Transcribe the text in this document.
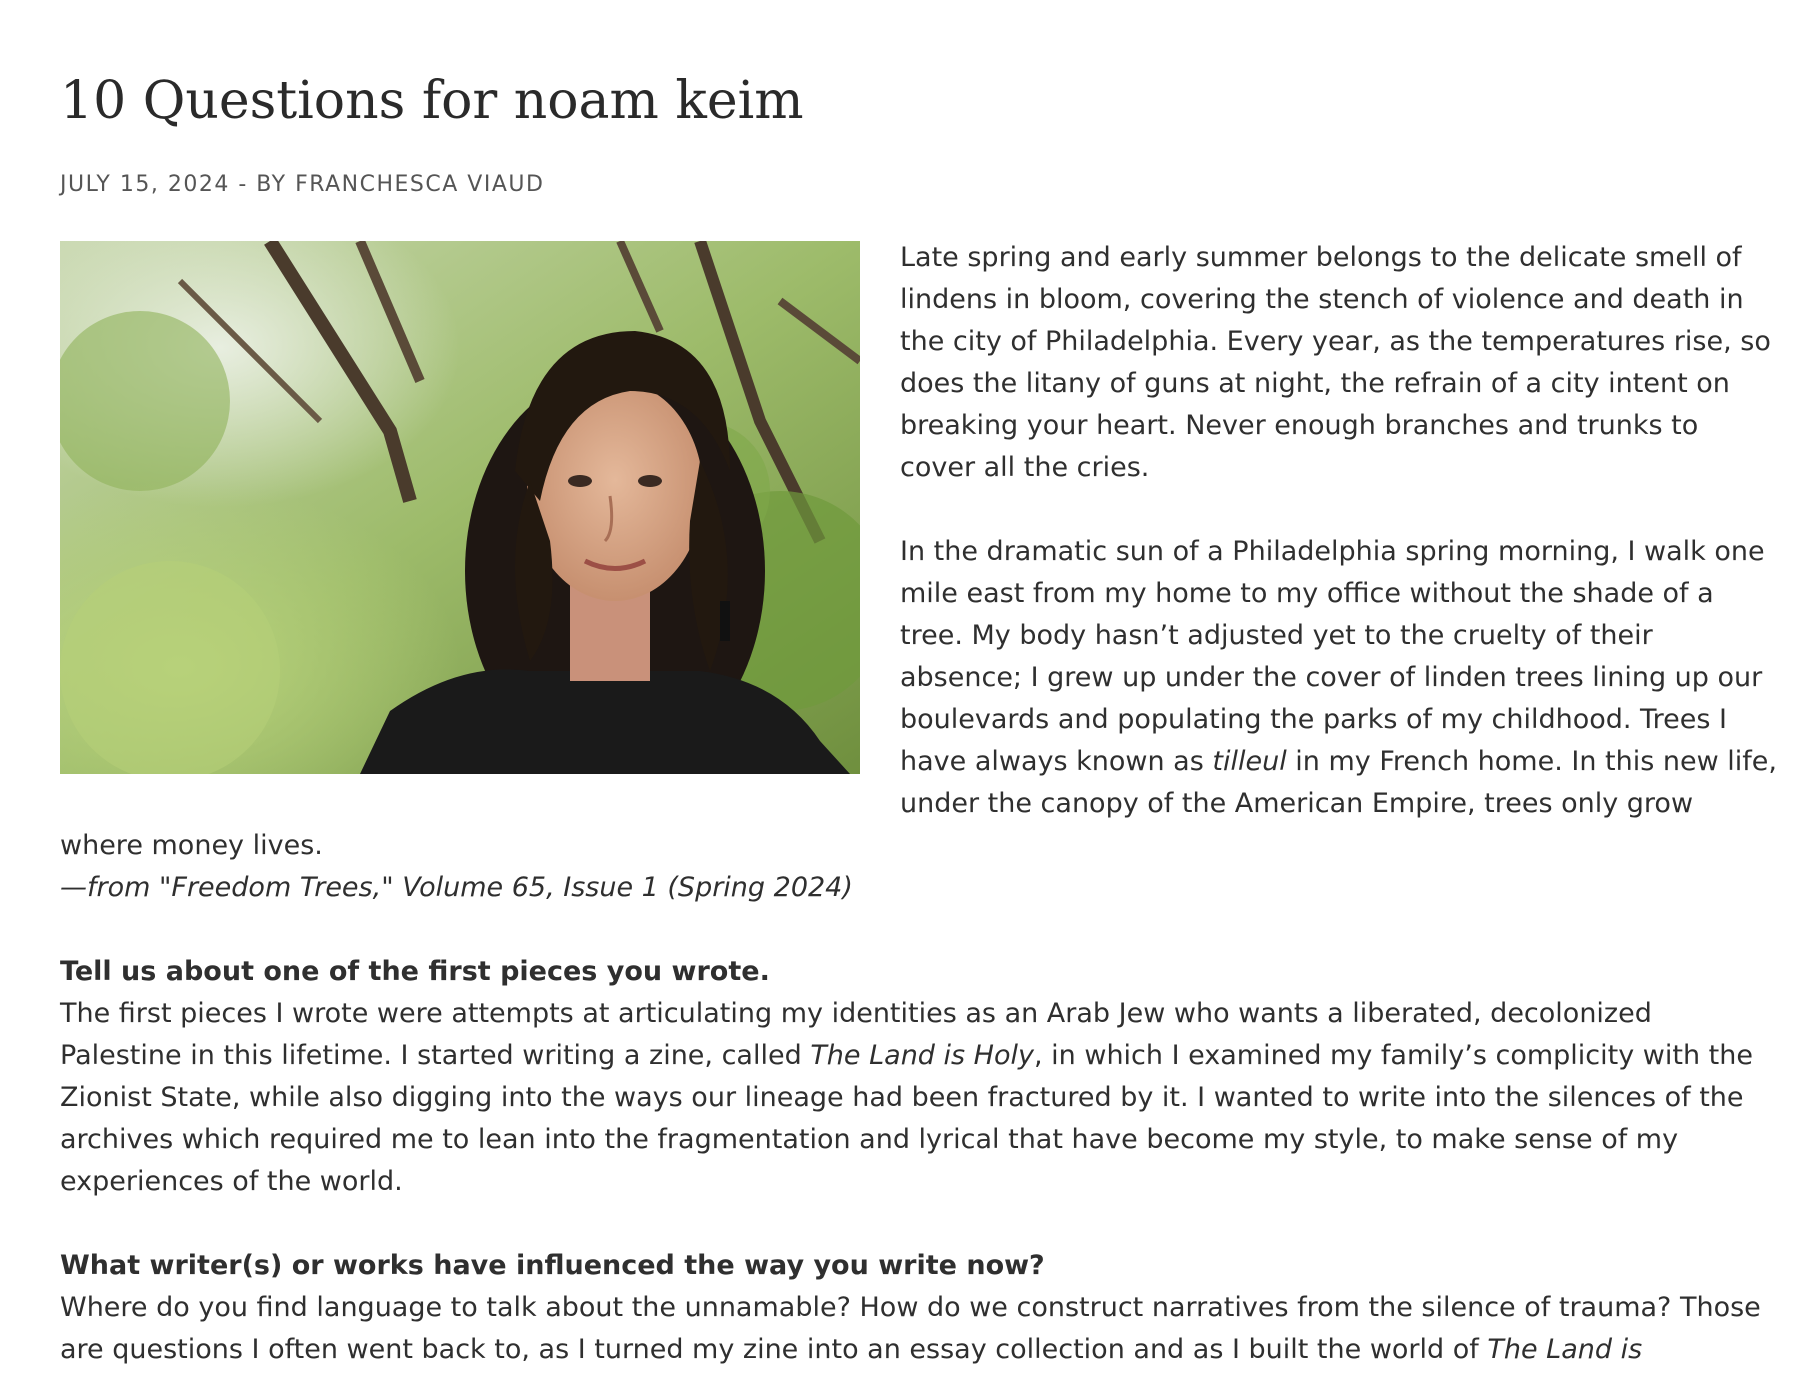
10 Questions for noam keim
JULY 15, 2024 - BY FRANCHESCA VIAUD

Late spring and early summer belongs to the delicate smell of lindens in bloom, covering the stench of violence and death in the city of Philadelphia. Every year, as the temperatures rise, so does the litany of guns at night, the refrain of a city intent on breaking your heart. Never enough branches and trunks to cover all the cries.

In the dramatic sun of a Philadelphia spring morning, I walk one mile east from my home to my office without the shade of a tree. My body hasn’t adjusted yet to the cruelty of their absence; I grew up under the cover of linden trees lining up our boulevards and populating the parks of my childhood. Trees I have always known as tilleul in my French home. In this new life, under the canopy of the American Empire, trees only grow where money lives.

—from "Freedom Trees," Volume 65, Issue 1 (Spring 2024)

Tell us about one of the first pieces you wrote.

The first pieces I wrote were attempts at articulating my identities as an Arab Jew who wants a liberated, decolonized Palestine in this lifetime. I started writing a zine, called The Land is Holy, in which I examined my family’s complicity with the Zionist State, while also digging into the ways our lineage had been fractured by it. I wanted to write into the silences of the archives which required me to lean into the fragmentation and lyrical that have become my style, to make sense of my experiences of the world.

What writer(s) or works have influenced the way you write now?

Where do you find language to talk about the unnamable? How do we construct narratives from the silence of trauma? Those are questions I often went back to, as I turned my zine into an essay collection and as I built the world of The Land is
